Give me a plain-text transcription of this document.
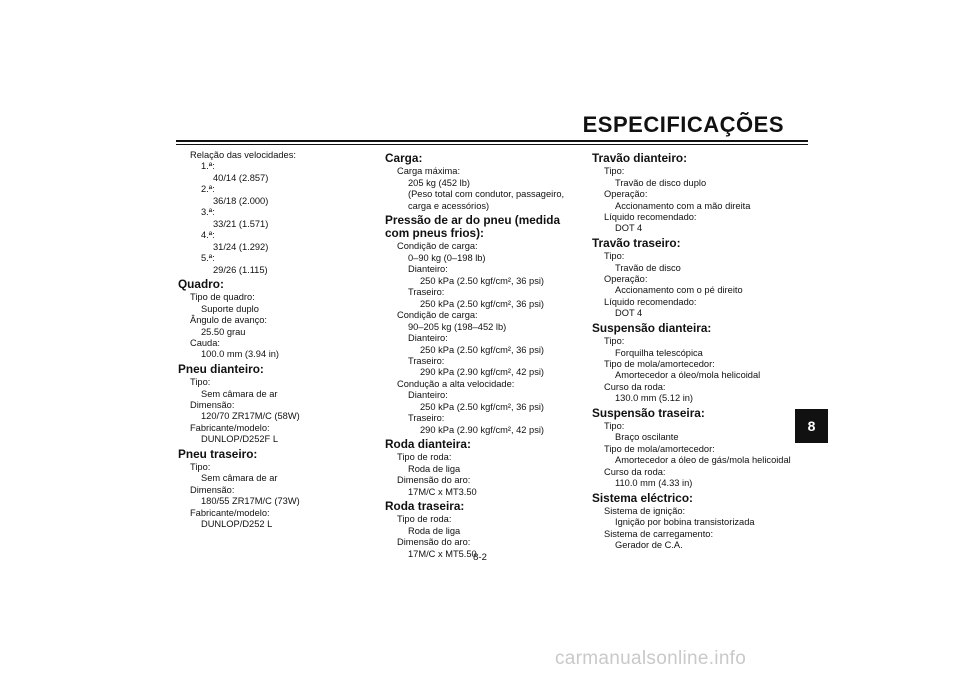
ESPECIFICAÇÕES
Relação das velocidades:
1.ª:
40/14 (2.857)
2.ª:
36/18 (2.000)
3.ª:
33/21 (1.571)
4.ª:
31/24 (1.292)
5.ª:
29/26 (1.115)
Quadro:
Tipo de quadro:
Suporte duplo
Ângulo de avanço:
25.50 grau
Cauda:
100.0 mm (3.94 in)
Pneu dianteiro:
Tipo:
Sem câmara de ar
Dimensão:
120/70 ZR17M/C (58W)
Fabricante/modelo:
DUNLOP/D252F L
Pneu traseiro:
Tipo:
Sem câmara de ar
Dimensão:
180/55 ZR17M/C (73W)
Fabricante/modelo:
DUNLOP/D252 L
Carga:
Carga máxima:
205 kg (452 lb)
(Peso total com condutor, passageiro,
carga e acessórios)
Pressão de ar do pneu (medida com pneus frios):
Condição de carga:
0–90 kg (0–198 lb)
Dianteiro:
250 kPa (2.50 kgf/cm², 36 psi)
Traseiro:
250 kPa (2.50 kgf/cm², 36 psi)
Condição de carga:
90–205 kg (198–452 lb)
Dianteiro:
250 kPa (2.50 kgf/cm², 36 psi)
Traseiro:
290 kPa (2.90 kgf/cm², 42 psi)
Condução a alta velocidade:
Dianteiro:
250 kPa (2.50 kgf/cm², 36 psi)
Traseiro:
290 kPa (2.90 kgf/cm², 42 psi)
Roda dianteira:
Tipo de roda:
Roda de liga
Dimensão do aro:
17M/C x MT3.50
Roda traseira:
Tipo de roda:
Roda de liga
Dimensão do aro:
17M/C x MT5.50
Travão dianteiro:
Tipo:
Travão de disco duplo
Operação:
Accionamento com a mão direita
Líquido recomendado:
DOT 4
Travão traseiro:
Tipo:
Travão de disco
Operação:
Accionamento com o pé direito
Líquido recomendado:
DOT 4
Suspensão dianteira:
Tipo:
Forquilha telescópica
Tipo de mola/amortecedor:
Amortecedor a óleo/mola helicoidal
Curso da roda:
130.0 mm (5.12 in)
Suspensão traseira:
Tipo:
Braço oscilante
Tipo de mola/amortecedor:
Amortecedor a óleo de gás/mola helicoidal
Curso da roda:
110.0 mm (4.33 in)
Sistema eléctrico:
Sistema de ignição:
Ignição por bobina transistorizada
Sistema de carregamento:
Gerador de C.A.
8-2
8
carmanualsonline.info
